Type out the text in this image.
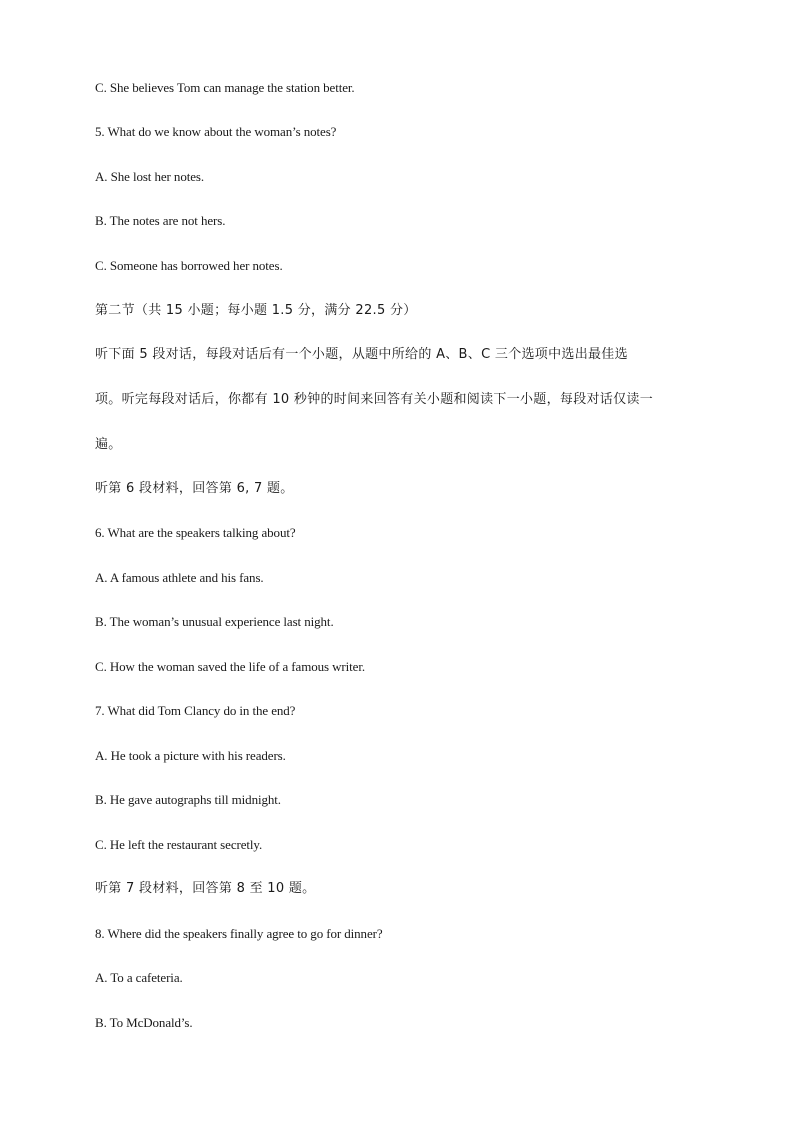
C. She believes Tom can manage the station better.
5. What do we know about the woman’s notes?
A. She lost her notes.
B. The notes are not hers.
C. Someone has borrowed her notes.
第二节（共 15 小题；每小题 1.5 分，满分 22.5 分）
听下面 5 段对话，每段对话后有一个小题，从题中所给的 A、B、C 三个选项中选出最佳选
项。听完每段对话后，你都有 10 秒钟的时间来回答有关小题和阅读下一小题，每段对话仅读一
遍。
听第 6 段材料，回答第 6, 7 题。
6. What are the speakers talking about?
A. A famous athlete and his fans.
B. The woman’s unusual experience last night.
C. How the woman saved the life of a famous writer.
7. What did Tom Clancy do in the end?
A. He took a picture with his readers.
B. He gave autographs till midnight.
C. He left the restaurant secretly.
听第 7 段材料，回答第 8 至 10 题。
8. Where did the speakers finally agree to go for dinner?
A. To a cafeteria.
B. To McDonald’s.
